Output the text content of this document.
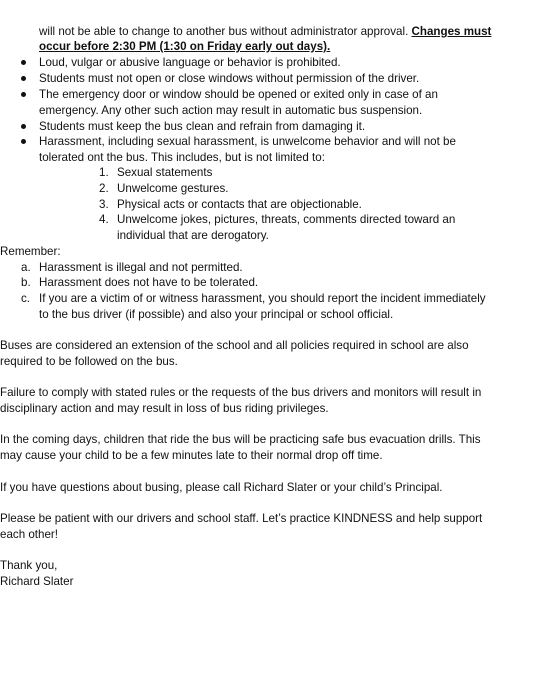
will not be able to change to another bus without administrator approval. Changes must
occur before 2:30 PM (1:30 on Friday early out days).
Loud, vulgar or abusive language or behavior is prohibited.
Students must not open or close windows without permission of the driver.
The emergency door or window should be opened or exited only in case of an
emergency. Any other such action may result in automatic bus suspension.
Students must keep the bus clean and refrain from damaging it.
Harassment, including sexual harassment, is unwelcome behavior and will not be
tolerated ont the bus. This includes, but is not limited to:
1. Sexual statements
2. Unwelcome gestures.
3. Physical acts or contacts that are objectionable.
4. Unwelcome jokes, pictures, threats, comments directed toward an
individual that are derogatory.
Remember:
a. Harassment is illegal and not permitted.
b. Harassment does not have to be tolerated.
c. If you are a victim of or witness harassment, you should report the incident immediately
to the bus driver (if possible) and also your principal or school official.
Buses are considered an extension of the school and all policies required in school are also
required to be followed on the bus.
Failure to comply with stated rules or the requests of the bus drivers and monitors will result in
disciplinary action and may result in loss of bus riding privileges.
In the coming days, children that ride the bus will be practicing safe bus evacuation drills. This
may cause your child to be a few minutes late to their normal drop off time.
If you have questions about busing, please call Richard Slater or your child’s Principal.
Please be patient with our drivers and school staff. Let’s practice KINDNESS and help support
each other!
Thank you,
Richard Slater
